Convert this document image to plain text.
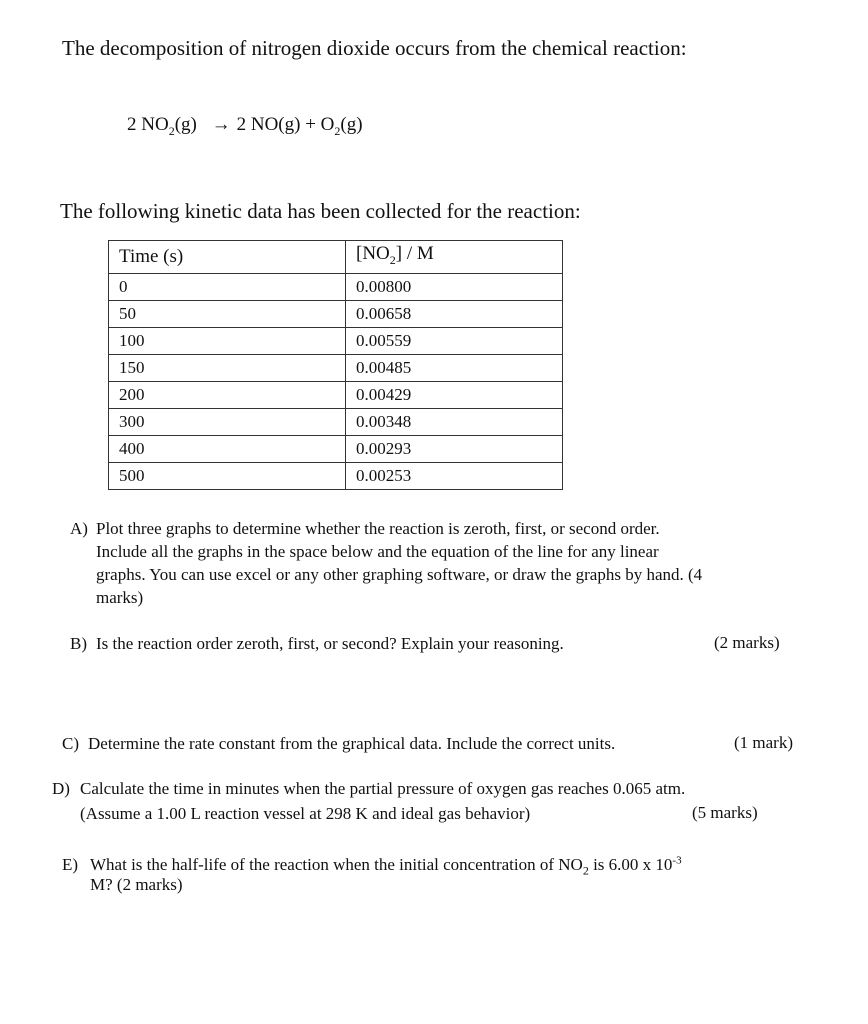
The decomposition of nitrogen dioxide occurs from the chemical reaction:
2 $NO_2(g) \to 2$ $NO(g) + O_2(g)$
The following kinetic data has been collected for the reaction:
Time (s)	$[NO_2]$ / M
0	0.00800
50	0.00658
100	0.00559
150	0.00485
200	0.00429
300	0.00348
400	0.00293
500	0.00253
A) Plot three graphs to determine whether the reaction is zeroth, first, or second order.
Include all the graphs in the space below and the equation of the line for any linear
graphs. You can use excel or any other graphing software, or draw the graphs by hand. (4
marks)
B) Is the reaction order zeroth, first, or second? Explain your reasoning.	(2 marks)
C) Determine the rate constant from the graphical data. Include the correct units.	(1 mark)
D) Calculate the time in minutes when the partial pressure of oxygen gas reaches 0.065 atm.
(Assume a 1.00 L reaction vessel at 298 K and ideal gas behavior)	(5 marks)
E) What is the half-life of the reaction when the initial concentration of $NO_2$ is 6.00 x $10^{-3}$
M? (2 marks)
